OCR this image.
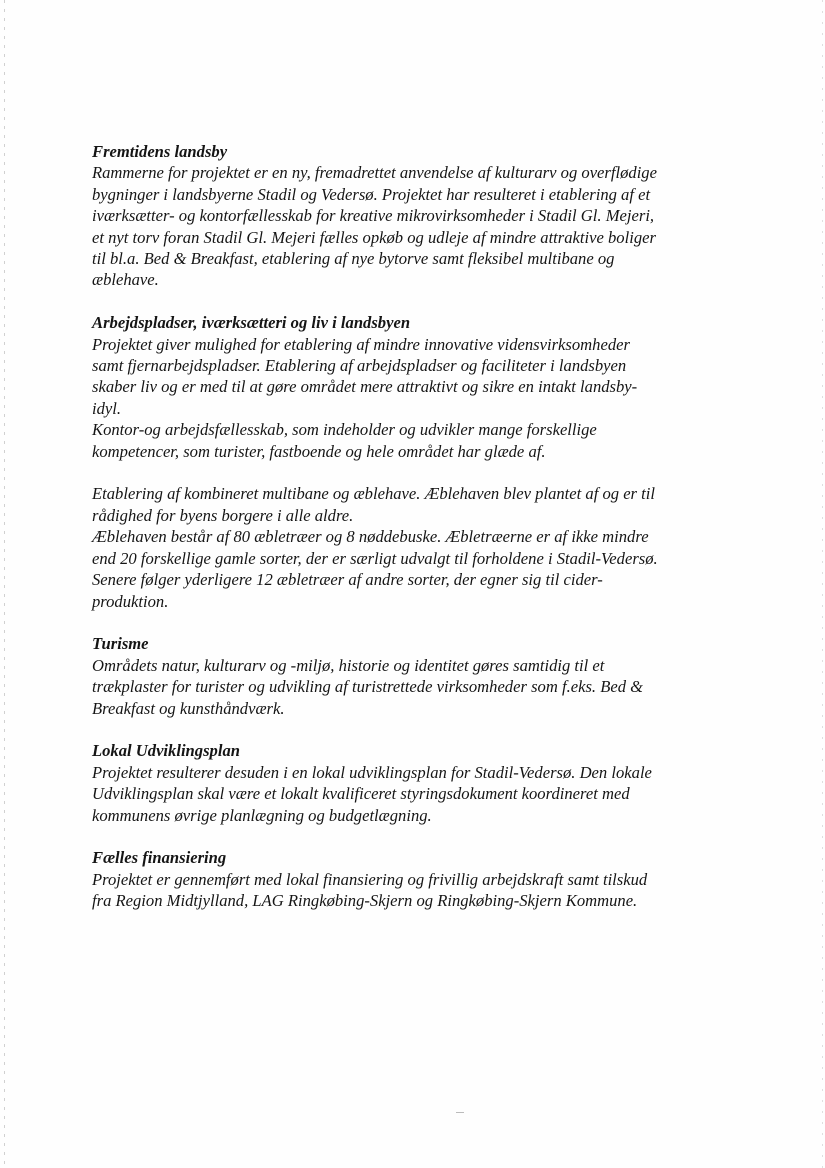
Fremtidens landsby
Rammerne for projektet er en ny, fremadrettet anvendelse af kulturarv og overflødige
bygninger i landsbyerne Stadil og Vedersø. Projektet har resulteret i etablering af et
iværksætter- og kontorfællesskab for kreative mikrovirksomheder i Stadil Gl. Mejeri,
et nyt torv foran Stadil Gl. Mejeri fælles opkøb og udleje af mindre attraktive boliger
til bl.a. Bed & Breakfast, etablering af nye bytorve samt fleksibel multibane og
æblehave.
Arbejdspladser, iværksætteri og liv i landsbyen
Projektet giver mulighed for etablering af mindre innovative vidensvirksomheder
samt fjernarbejdspladser. Etablering af arbejdspladser og faciliteter i landsbyen
skaber liv og er med til at gøre området mere attraktivt og sikre en intakt landsby-
idyl.
Kontor-og arbejdsfællesskab, som indeholder og udvikler mange forskellige
kompetencer, som turister, fastboende og hele området har glæde af.
Etablering af kombineret multibane og æblehave. Æblehaven blev plantet af og er til
rådighed for byens borgere i alle aldre.
Æblehaven består af 80 æbletræer og 8 nøddebuske. Æbletræerne er af ikke mindre
end 20 forskellige gamle sorter, der er særligt udvalgt til forholdene i Stadil-Vedersø.
Senere følger yderligere 12 æbletræer af andre sorter, der egner sig til cider-
produktion.
Turisme
Områdets natur, kulturarv og -miljø, historie og identitet gøres samtidig til et
trækplaster for turister og udvikling af turistrettede virksomheder som f.eks. Bed &
Breakfast og kunsthåndværk.
Lokal Udviklingsplan
Projektet resulterer desuden i en lokal udviklingsplan for Stadil-Vedersø. Den lokale
Udviklingsplan skal være et lokalt kvalificeret styringsdokument koordineret med
kommunens øvrige planlægning og budgetlægning.
Fælles finansiering
Projektet er gennemført med lokal finansiering og frivillig arbejdskraft samt tilskud
fra Region Midtjylland, LAG Ringkøbing-Skjern og Ringkøbing-Skjern Kommune.
